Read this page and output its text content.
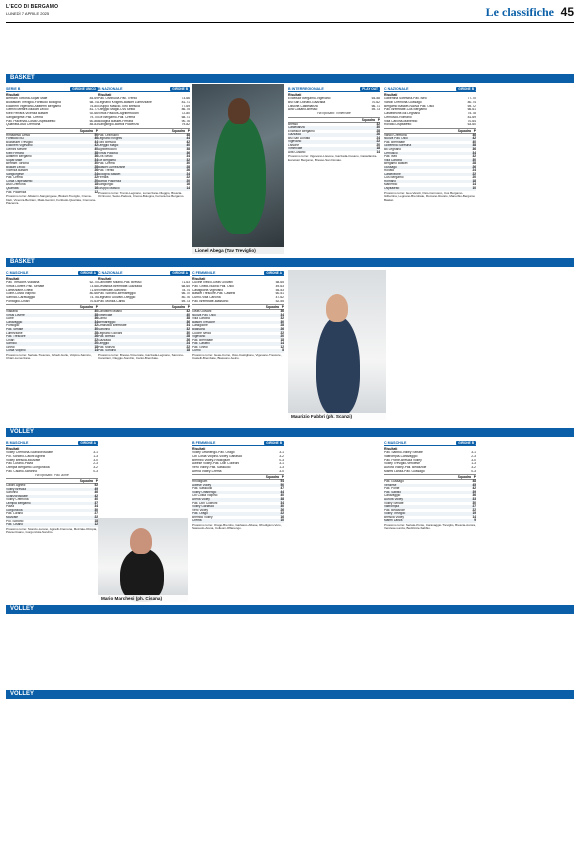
L'ECO DI BERGAMO
LUNEDÌ 7 APRILE 2025	Le classifiche 45
BASKET
BASKET
VOLLEY
VOLLEY
VOLLEY
Lionel Abega (Tav Treviglio)
Maurizio Fabbri (ph. Scanzi)
Mario Marchesi (ph. Cisana)
SERIE B	GIRONE UNICO
Risultati
Bertram Tortona-Sopaf Malè	84-69
Blubasket Treviglio-Fortitudo Bologna	68-74
Elachem Vigevano-Alfaterm Bergamo	75-80
Gemini Mestre-Blukart Lecco	81-77
Kleb Ferrara-Vicenza Basket	92-66
Sangiorgese-Pall. Crema	79-70
Pall. Piacenza-Costa Ospedaletto	60-86
Quarrata-Asd Cremona	85-83
Squadra P
Rimadesio Desio	50
Fortitudo BO	46
Blubasket Treviglio	44
Elachem Vigevano	42
Gemini Mestre	40
Kleb Ferrara	38
Alfaterm Bergamo	36
Sopaf Malè	34
Bertram Tortona	30
Blukart Lecco	28
Vicenza Basket	26
Sangiorgese	24
Pall. Crema	22
Costa Ospedaletto	20
Asd Cremona	18
Quarrata	16
Pall. Piacenza	12
Prossimo turno: Alfaterm-Sangiorgese, Blukart-Treviglio, Crema-Kleb, Vicenza-Bertram, Malè-Gemini, Fortitudo-Quarrata, Cremona-Piacenza.
B NAZIONALE	GIRONE B
Risultati
Pall. Orzinuovi-Pall. Trento	73-66
Legnano Knights-Basket Lumezzane	81-71
Gruppo Mascio-Toro Brescia	77-69
Oleggio Magic-Cvs Sesto	86-75
Virtus Padova-Agribertocchi	72-80
Ge Bergamo-Pall. Crema	68-71
Bologna Basket-Ferrara	90-76
Sangiorgio-Bartoli Piacenza	79-82
Squadra P
Pall. Orzinuovi	48
Legnano Knights	44
Toro Brescia	42
Oleggio Magic	40
Agribertocchi	38
Virtus Padova	36
Cvs Sesto	34
Ge Bergamo	32
Pall. Crema	30
Basket Lumezzane	28
Pall. Trento	26
Bologna Basket	24
Ferrara	22
Bartoli Piacenza	20
Sangiorgio	16
Gruppo Mascio	14
Prossimo turno: Trento-Legnano, Lumezzane-Oleggio, Brescia-Orzinuovi, Sesto-Padova, Crema-Bologna, Ferrara-Ge Bergamo.
B INTERREGIONALE	PLAY OUT
Risultati
Excelsior Bergamo-Vigevano	64-58
Bsl San Donato-Gazzada	70-62
Lissone-Castellanza	66-71
Alfa Cusano-Bresso	59-73
Ha riposato: Vimercate
Squadra P
Bresso	32
Castellanza	30
Excelsior Bergamo	28
Gazzada	26
Bsl San Donato	24
Vigevano	22
Lissone	20
Vimercate	18
Alfa Cusano	14
Prossimo turno: Vigevano-Lissone, Gazzada-Cusano, Castellanza-Excelsior Bergamo, Bresso-San Donato.
C NAZIONALE	GIRONE B
Risultati
Gilbertina Soresina-Pall. Iseo	77-70
Vanoli Cremona-Gussago	80-74
Bergamo Basket-Nuova Pall. Osio	69-72
Pall. Brembate-Cus Bergamo	66-61
Castelleone-Bk Legnano	75-78
Cernusco-Romano	81-69
Villa Carcina-Manerbio	70-64
Rovato-Ospitaletto	63-60
Squadra P
Vanoli Cremona	46
Nuova Pall. Osio	42
Pall. Brembate	40
Gilbertina Soresina	38
Bk Legnano	36
Cernusco	34
Pall. Iseo	32
Villa Carcina	30
Bergamo Basket	28
Gussago	26
Rovato	24
Castelleone	22
Cus Bergamo	20
Romano	18
Manerbio	14
Ospitaletto	10
Prossimo turno: Iseo-Vanoli, Osio-Cernusco, Cus Bergamo-Gilbertina, Legnano-Brembate, Romano-Rovato, Manerbio-Bergamo Basket.
C MASCHILE	GIRONE A
Risultati
Pall. Trescore-Viadana	62-70
Virtus Lovere-Pall. Seriate	73-68
Lumezzane-Ghedi	71-69
Gorle-Costa Volpino	80-66
Sarnico-Caravaggio	74-76
Pontoglio-Chiari	70-63
Squadra P
Viadana	40
Virtus Lovere	38
Gorle	36
Caravaggio	34
Pontoglio	32
Pall. Seriate	30
Lumezzane	28
Pall. Trescore	26
Chiari	22
Sarnico	20
Ghedi	18
Costa Volpino	14
Prossimo turno: Seriate-Trescore, Ghedi-Gorle, Volpino-Sarnico, Chiari-Lumezzane.
C NAZIONALE	GIRONE A
Risultati
Canottieri Milano-Pall. Bresso	71-63
Cestistica Brembate-Gazzada	68-65
Vimercate-Saronno	78-74
Pall. Sondrio-Bernareggio	66-70
Legnano Giovani-Oleggio	80-76
Pall. Monza-Cantù	69-73
Squadra P
Canottieri Milano	42
Vimercate	40
Cantù	38
Bernareggio	36
Cestistica Brembate	34
Saronno	32
Legnano Giovani	30
Pall. Bresso	28
Gazzada	26
Oleggio	24
Pall. Monza	22
Pall. Sondrio	18
Prossimo turno: Bresso-Vimercate, Gazzada-Legnano, Saronno-Canottieri, Oleggio-Sondrio, Cantù-Brembate.
C FEMMINILE	GIRONE A
Risultati
Cucine Ivelco-Geas Giovani	58-65
Pall. Ghedi-Nuova Pall. Osio	49-63
Castiglione-Vigevano	55-53
Basket Trescore-Pall. Castelli	60-51
Curno-Villa Carcina	47-62
Pall. Brembate-Biassono	52-55
Squadra P
Geas Giovani	36
Nuova Pall. Osio	34
Villa Carcina	32
Basket Trescore	30
Castiglione	28
Biassono	26
Cucine Ivelco	22
Vigevano	20
Pall. Brembate	18
Pall. Castelli	14
Pall. Ghedi	12
Curno	8
Prossimo turno: Geas-Curno, Osio-Castiglione, Vigevano-Trescore, Castelli-Brembate, Biassono-Ivelco.
B MASCHILE	GIRONE A
Risultati
Volley Cremona-Scanzorosciate	3-1
Pol. Sondrio-Caloni Agnelli	1-3
Volley Brescia-Mozzate	3-0
Pall. Lurano-Pavia	2-3
Olimpia Bergamo-Gorgonzola	3-2
Pall. Cisano-Saronno	0-3
Ha riposato: Pall. Alme
Squadra P
Caloni Agnelli	52
Volley Brescia	49
Saronno	46
Scanzorosciate	42
Volley Cremona	40
Olimpia Bergamo	37
Pavia	34
Gorgonzola	30
Pall. Lurano	27
Mozzate	22
Pol. Sondrio	18
Pall. Cisano	12
Prossimo turno: Scanzo-Lurano, Agnelli-Cremona, Mozzate-Olimpia, Pavia-Cisano, Gorgonzola-Sondrio.
B FEMMINILE	GIRONE B
Risultati
Volley Offanengo-Pall. Orago	3-1
Cbl Costa Volpino-Volley Garlasco	3-2
Brembo Volley-Rhodigium	0-3
Albese Volley-Pall. Don Colleoni	3-1
Vero Volley-Pall. Sassuolo	1-3
Arena Volley-Crema	3-0
Squadra P
Rhodigium	54
Albese Volley	50
Pall. Sassuolo	47
Volley Offanengo	44
Cbl Costa Volpino	40
Arena Volley	38
Pall. Don Colleoni	34
Volley Garlasco	30
Vero Volley	26
Pall. Orago	22
Brembo Volley	16
Crema	10
Prossimo turno: Orago-Brembo, Garlasco-Albese, Rhodigium-Vero, Sassuolo-Arena, Colleoni-Offanengo.
C MASCHILE	GIRONE B
Risultati
Pall. Sabbio-Volley Seriate	3-1
Valtrompia-Caravaggio	2-3
Pall. Ponte-Brescia Volley	3-0
Volley Treviglio-Verolese	1-3
Aurora Volley-Pall. Bedizzole	3-2
Marmi Lanza-Pall. Gussago	0-3
Squadra P
Pall. Gussago	48
Verolese	45
Pall. Ponte	42
Pall. Sabbio	39
Caravaggio	36
Aurora Volley	33
Volley Seriate	30
Valtrompia	27
Pall. Bedizzole	22
Volley Treviglio	19
Brescia Volley	14
Marmi Lanza	9
Prossimo turno: Seriate-Ponte, Caravaggio-Treviglio, Brescia-Aurora, Verolese-Lanza, Bedizzole-Sabbio.
